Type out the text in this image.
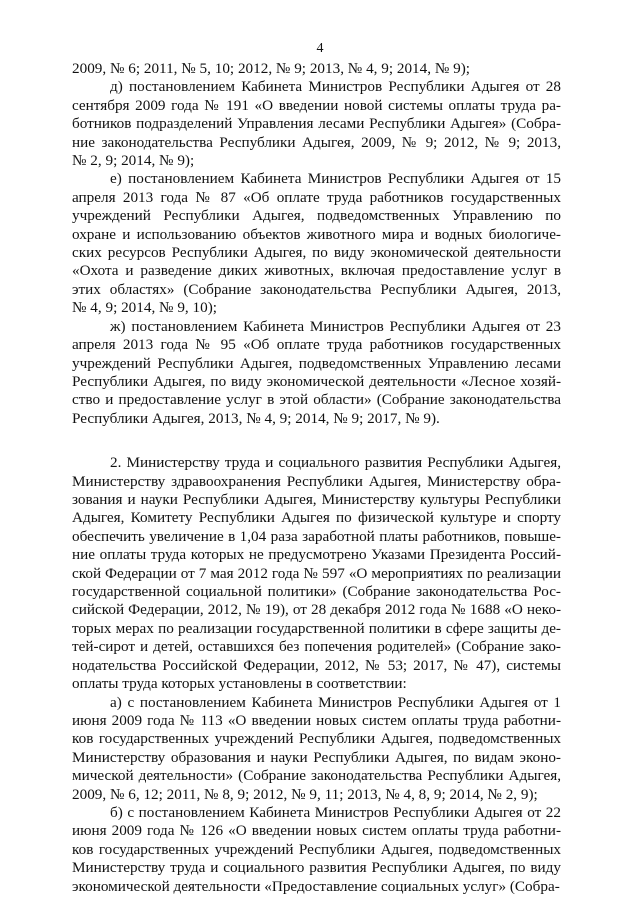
4
2009, № 6; 2011, № 5, 10; 2012, № 9; 2013, № 4, 9; 2014, № 9);
д) постановлением Кабинета Министров Республики Адыгея от 28
сентября 2009 года № 191 «О введении новой системы оплаты труда ра-
ботников подразделений Управления лесами Республики Адыгея» (Собра-
ние законодательства Республики Адыгея, 2009, № 9; 2012, № 9; 2013,
№ 2, 9; 2014, № 9);
е) постановлением Кабинета Министров Республики Адыгея от 15
апреля 2013 года № 87 «Об оплате труда работников государственных
учреждений Республики Адыгея, подведомственных Управлению по
охране и использованию объектов животного мира и водных биологиче-
ских ресурсов Республики Адыгея, по виду экономической деятельности
«Охота и разведение диких животных, включая предоставление услуг в
этих областях» (Собрание законодательства Республики Адыгея, 2013,
№ 4, 9; 2014, № 9, 10);
ж) постановлением Кабинета Министров Республики Адыгея от 23
апреля 2013 года № 95 «Об оплате труда работников государственных
учреждений Республики Адыгея, подведомственных Управлению лесами
Республики Адыгея, по виду экономической деятельности «Лесное хозяй-
ство и предоставление услуг в этой области» (Собрание законодательства
Республики Адыгея, 2013, № 4, 9; 2014, № 9; 2017, № 9).
2. Министерству труда и социального развития Республики Адыгея,
Министерству здравоохранения Республики Адыгея, Министерству обра-
зования и науки Республики Адыгея, Министерству культуры Республики
Адыгея, Комитету Республики Адыгея по физической культуре и спорту
обеспечить увеличение в 1,04 раза заработной платы работников, повыше-
ние оплаты труда которых не предусмотрено Указами Президента Россий-
ской Федерации от 7 мая 2012 года № 597 «О мероприятиях по реализации
государственной социальной политики» (Собрание законодательства Рос-
сийской Федерации, 2012, № 19), от 28 декабря 2012 года № 1688 «О неко-
торых мерах по реализации государственной политики в сфере защиты де-
тей-сирот и детей, оставшихся без попечения родителей» (Собрание зако-
нодательства Российской Федерации, 2012, № 53; 2017, № 47), системы
оплаты труда которых установлены в соответствии:
а) с постановлением Кабинета Министров Республики Адыгея от 1
июня 2009 года № 113 «О введении новых систем оплаты труда работни-
ков государственных учреждений Республики Адыгея, подведомственных
Министерству образования и науки Республики Адыгея, по видам эконо-
мической деятельности» (Собрание законодательства Республики Адыгея,
2009, № 6, 12; 2011, № 8, 9; 2012, № 9, 11; 2013, № 4, 8, 9; 2014, № 2, 9);
б) с постановлением Кабинета Министров Республики Адыгея от 22
июня 2009 года № 126 «О введении новых систем оплаты труда работни-
ков государственных учреждений Республики Адыгея, подведомственных
Министерству труда и социального развития Республики Адыгея, по виду
экономической деятельности «Предоставление социальных услуг» (Собра-
